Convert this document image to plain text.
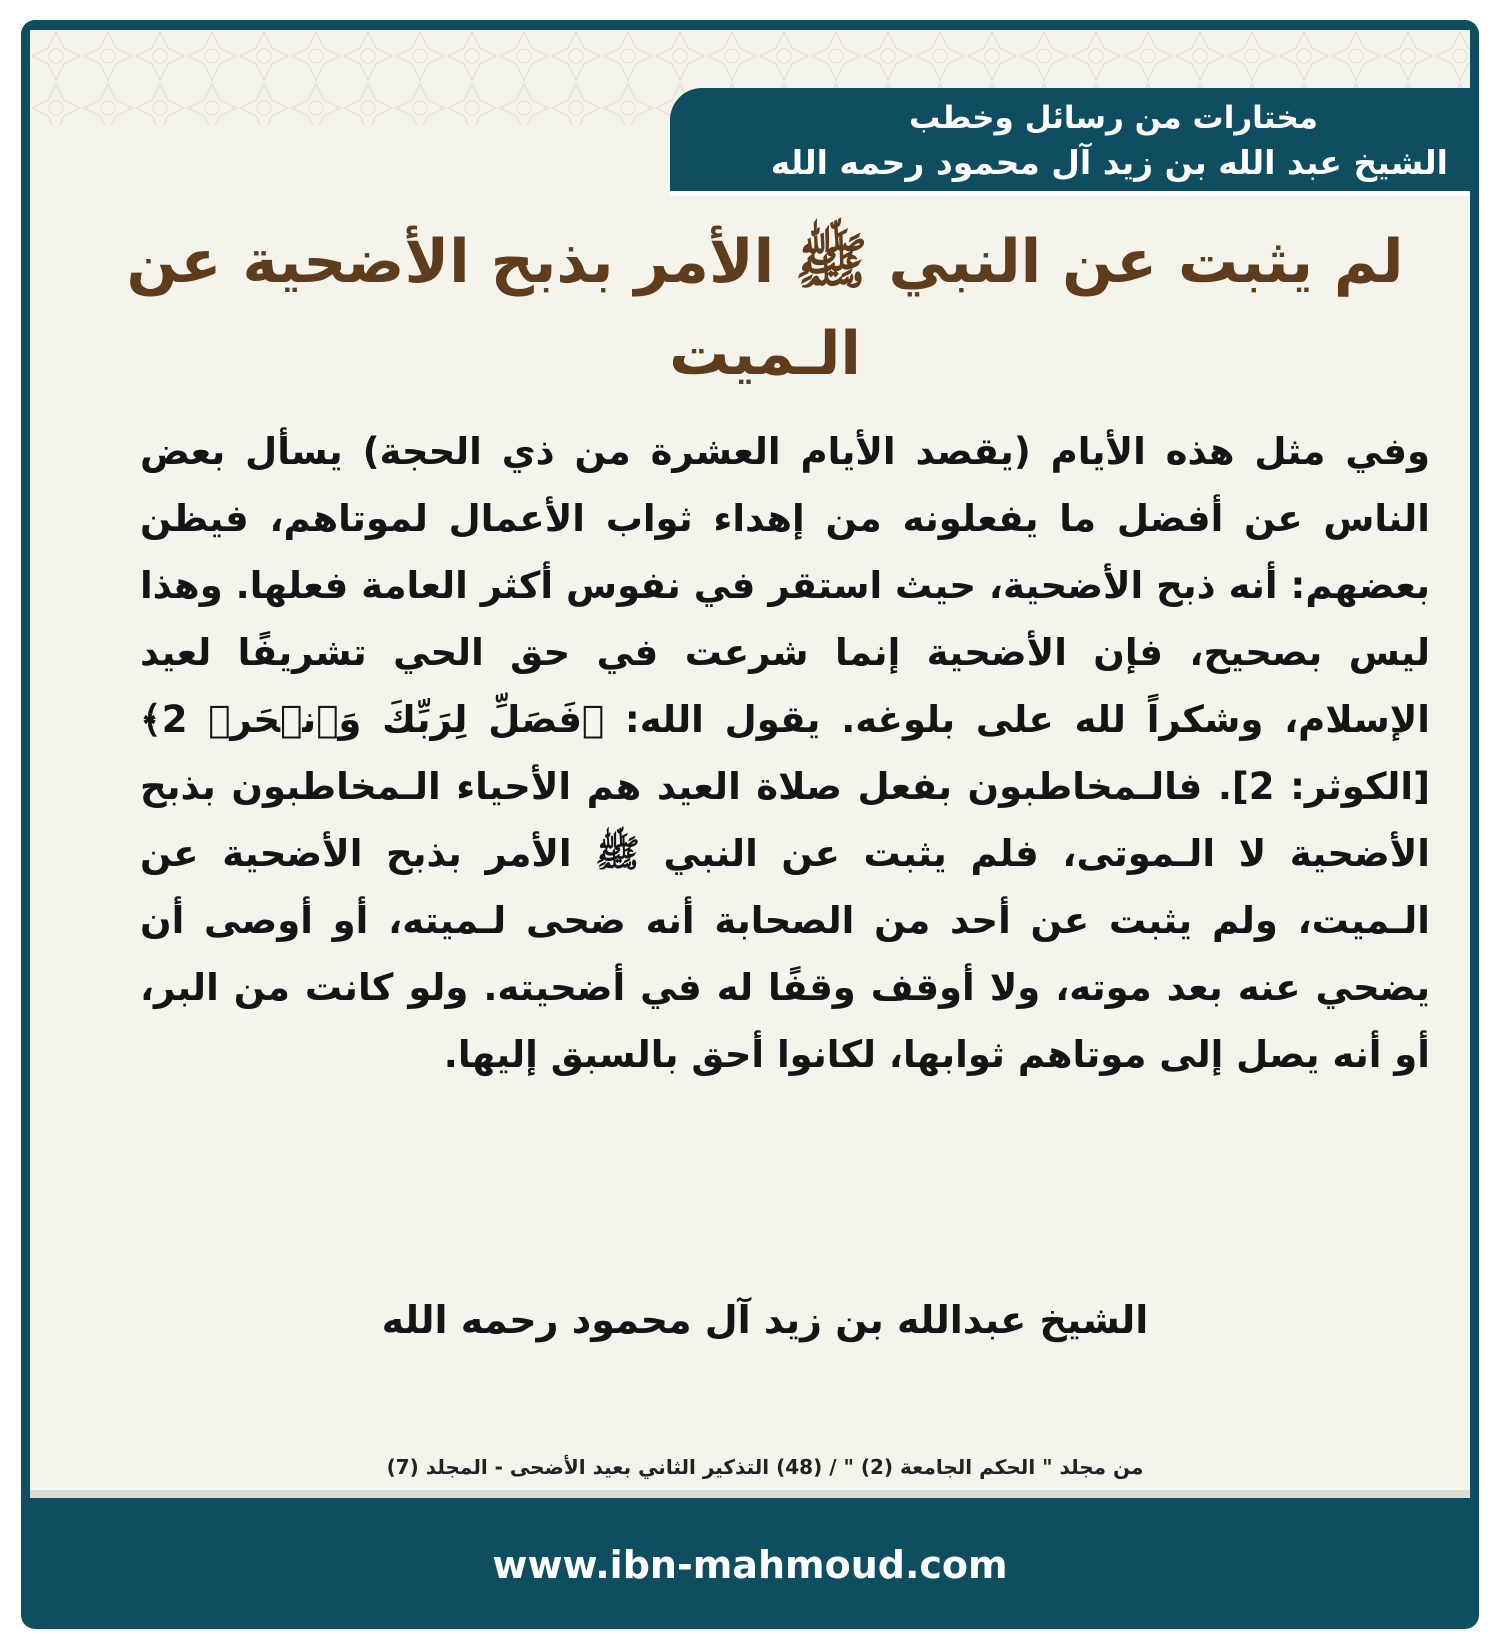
مختارات من رسائل وخطب
الشيخ عبد الله بن زيد آل محمود رحمه الله
لم يثبت عن النبي ﷺ الأمر بذبح الأضحية عن الـميت
وفي مثل هذه الأيام (يقصد الأيام العشرة من ذي الحجة) يسأل بعض الناس عن أفضل ما يفعلونه من إهداء ثواب الأعمال لموتاهم، فيظن بعضهم: أنه ذبح الأضحية، حيث استقر في نفوس أكثر العامة فعلها. وهذا ليس بصحيح، فإن الأضحية إنما شرعت في حق الحي تشريفًا لعيد الإسلام، وشكراً لله على بلوغه. يقول الله: ﴿فَصَلِّ لِرَبِّكَ وَٱنۡحَرۡ 2﴾ [الكوثر: 2]. فالـمخاطبون بفعل صلاة العيد هم الأحياء الـمخاطبون بذبح الأضحية لا الـموتى، فلم يثبت عن النبي ﷺ الأمر بذبح الأضحية عن الـميت، ولم يثبت عن أحد من الصحابة أنه ضحى لـميته، أو أوصى أن يضحي عنه بعد موته، ولا أوقف وقفًا له في أضحيته. ولو كانت من البر، أو أنه يصل إلى موتاهم ثوابها، لكانوا أحق بالسبق إليها.
الشيخ عبدالله بن زيد آل محمود رحمه الله
من مجلد " الحكم الجامعة (2) " / (48) التذكير الثاني بعيد الأضحى - المجلد (7)
www.ibn-mahmoud.com
